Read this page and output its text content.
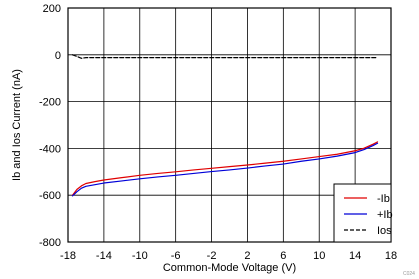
200
0
-200
-400
-600
-800
-18 -14 -10 -6 -2	2	6 10 14 18
Common-Mode Voltage (V)
Ib and Ios Current (nA)
-Ib
+Ib
Ios
C024
